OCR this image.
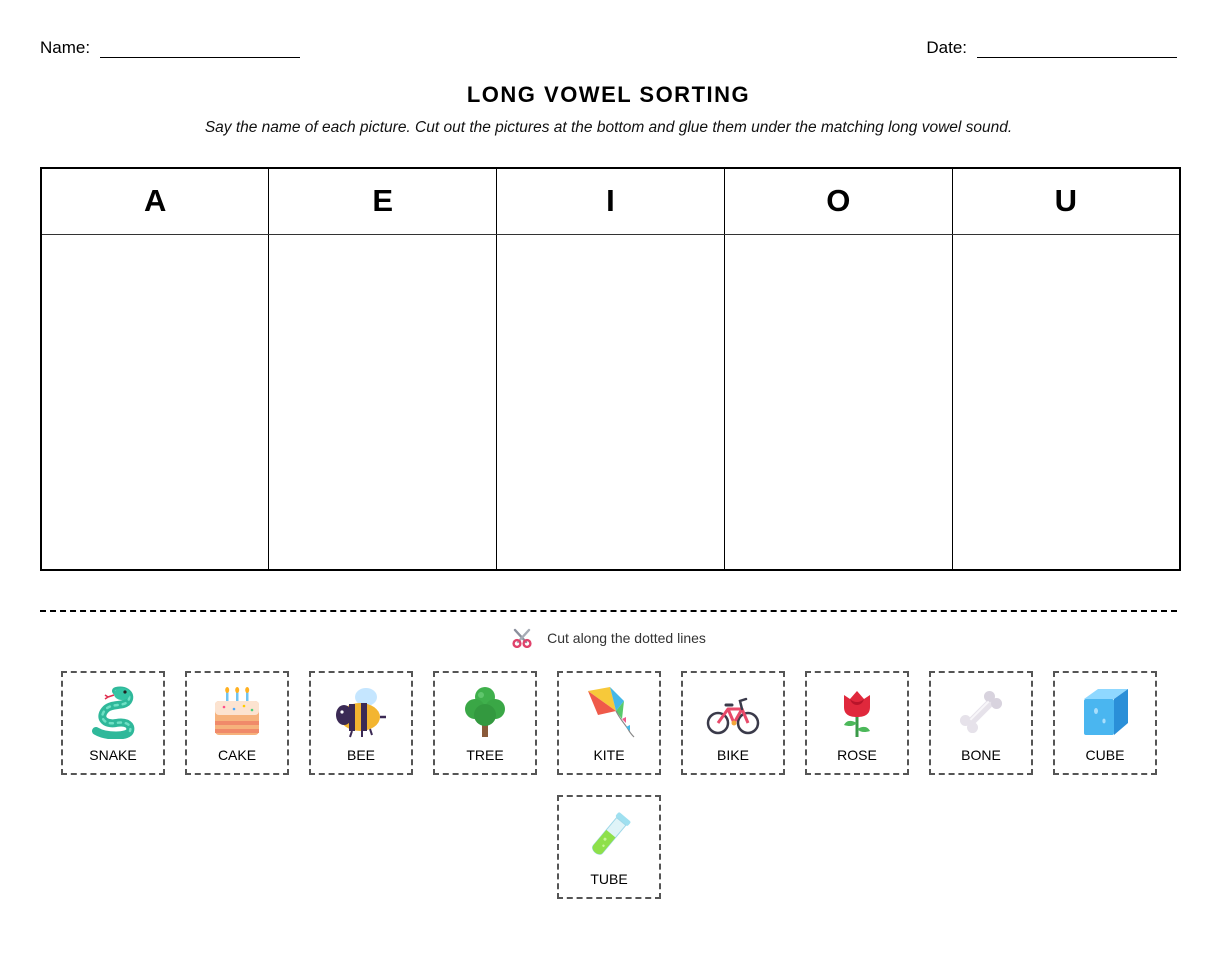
Name:	Date:
LONG VOWEL SORTING
Say the name of each picture. Cut out the pictures at the bottom and glue them under the matching long vowel sound.
A	E	I	O	U

Cut along the dotted lines
SNAKE	CAKE	BEE	TREE	KITE	BIKE	ROSE	BONE	CUBE
TUBE
